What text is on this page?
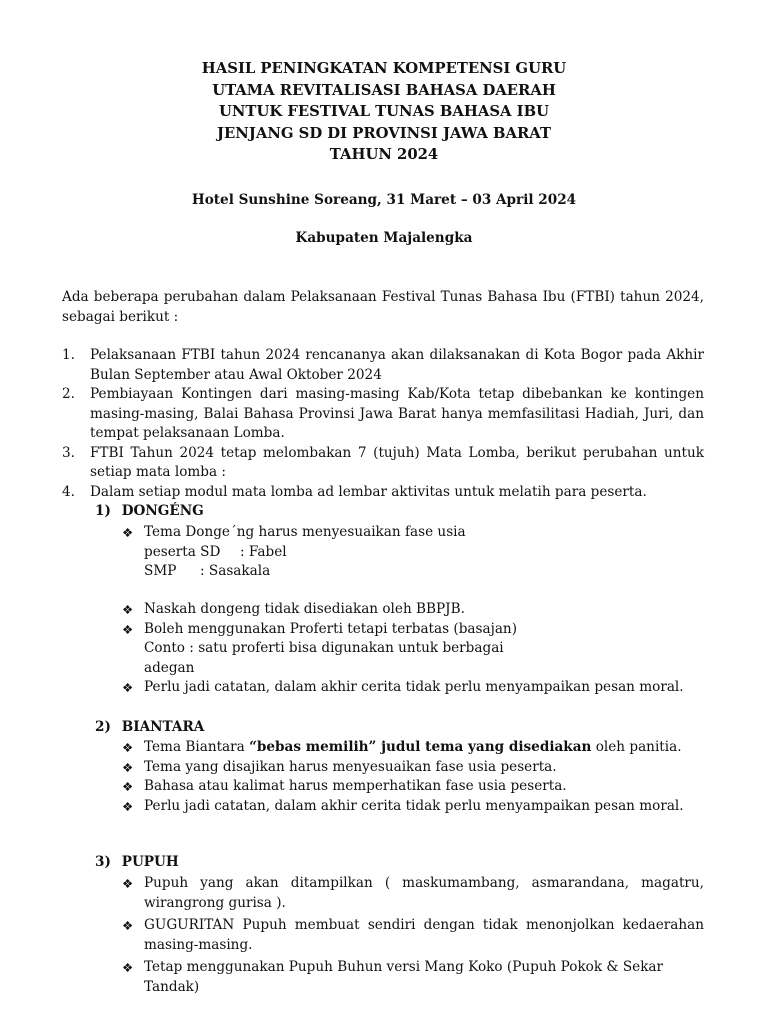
HASIL PENINGKATAN KOMPETENSI GURU
UTAMA REVITALISASI BAHASA DAERAH
UNTUK FESTIVAL TUNAS BAHASA IBU
JENJANG SD DI PROVINSI JAWA BARAT
TAHUN 2024
Hotel Sunshine Soreang, 31 Maret – 03 April 2024
Kabupaten Majalengka
Ada beberapa perubahan dalam Pelaksanaan Festival Tunas Bahasa Ibu (FTBI) tahun 2024, sebagai berikut :
1.	Pelaksanaan FTBI tahun 2024 rencananya akan dilaksanakan di Kota Bogor pada Akhir Bulan September atau Awal Oktober 2024
2.	Pembiayaan Kontingen dari masing-masing Kab/Kota tetap dibebankan ke kontingen masing-masing, Balai Bahasa Provinsi Jawa Barat hanya memfasilitasi Hadiah, Juri, dan tempat pelaksanaan Lomba.
3.	FTBI Tahun 2024 tetap melombakan 7 (tujuh) Mata Lomba, berikut perubahan untuk setiap mata lomba :
4.	Dalam setiap modul mata lomba ad lembar aktivitas untuk melatih para peserta.
1) DONGÉNG
❖ Tema Donge´ng harus menyesuaikan fase usia
peserta SD : Fabel
SMP : Sasakala
❖ Naskah dongeng tidak disediakan oleh BBPJB.
❖ Boleh menggunakan Proferti tetapi terbatas (basajan)
Conto : satu proferti bisa digunakan untuk berbagai
adegan
❖ Perlu jadi catatan, dalam akhir cerita tidak perlu menyampaikan pesan moral.
2) BIANTARA
❖ Tema Biantara “bebas memilih” judul tema yang disediakan oleh panitia.
❖ Tema yang disajikan harus menyesuaikan fase usia peserta.
❖ Bahasa atau kalimat harus memperhatikan fase usia peserta.
❖ Perlu jadi catatan, dalam akhir cerita tidak perlu menyampaikan pesan moral.
3) PUPUH
❖ Pupuh yang akan ditampilkan ( maskumambang, asmarandana, magatru, wirangrong gurisa ).
❖ GUGURITAN Pupuh membuat sendiri dengan tidak menonjolkan kedaerahan masing-masing.
❖ Tetap menggunakan Pupuh Buhun versi Mang Koko (Pupuh Pokok & Sekar Tandak)
